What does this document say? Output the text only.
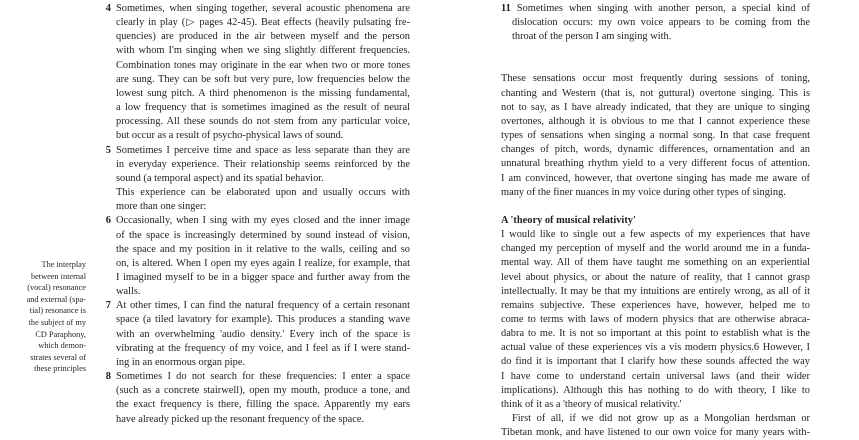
The interplay
between internal
(vocal) resonance
and external (spa-
tial) resonance is
the subject of my
CD Paraphony,
which demon-
strates several of
these principles
4 Sometimes, when singing together, several acoustic phenomena are
clearly in play (▷ pages 42-45). Beat effects (heavily pulsating fre-
quencies) are produced in the air between myself and the person
with whom I'm singing when we sing slightly different frequencies.
Combination tones may originate in the ear when two or more tones
are sung. They can be soft but very pure, low frequencies below the
lowest sung pitch. A third phenomenon is the missing fundamental,
a low frequency that is sometimes imagined as the result of neural
processing. All these sounds do not stem from any particular voice,
but occur as a result of psycho-physical laws of sound.
5 Sometimes I perceive time and space as less separate than they are
in everyday experience. Their relationship seems reinforced by the
sound (a temporal aspect) and its spatial behavior.
This experience can be elaborated upon and usually occurs with
more than one singer:
6 Occasionally, when I sing with my eyes closed and the inner image
of the space is increasingly determined by sound instead of vision,
the space and my position in it relative to the walls, ceiling and so
on, is altered. When I open my eyes again I realize, for example, that
I imagined myself to be in a bigger space and further away from the
walls.
7 At other times, I can find the natural frequency of a certain resonant
space (a tiled lavatory for example). This produces a standing wave
with an overwhelming 'audio density.' Every inch of the space is
vibrating at the frequency of my voice, and I feel as if I were stand-
ing in an enormous organ pipe.
8 Sometimes I do not search for these frequencies: I enter a space
(such as a concrete stairwell), open my mouth, produce a tone, and
the exact frequency is there, filling the space. Apparently my ears
have already picked up the resonant frequency of the space.
11 Sometimes when singing with another person, a special kind of
dislocation occurs: my own voice appears to be coming from the
throat of the person I am singing with.
These sensations occur most frequently during sessions of toning,
chanting and Western (that is, not guttural) overtone singing. This is
not to say, as I have already indicated, that they are unique to singing
overtones, although it is obvious to me that I cannot experience these
types of sensations when singing a normal song. In that case frequent
changes of pitch, words, dynamic differences, ornamentation and an
unnatural breathing rhythm yield to a very different focus of attention.
I am convinced, however, that overtone singing has made me aware of
many of the finer nuances in my voice during other types of singing.
A 'theory of musical relativity'
I would like to single out a few aspects of my experiences that have
changed my perception of myself and the world around me in a funda-
mental way. All of them have taught me something on an experiential
level about physics, or about the nature of reality, that I cannot grasp
intellectually. It may be that my intuitions are entirely wrong, as all of it
remains subjective. These experiences have, however, helped me to
come to terms with laws of modern physics that are otherwise abraca-
dabra to me. It is not so important at this point to establish what is the
actual value of these experiences vis a vis modern physics.6 However, I
do find it is important that I clarify how these sounds affected the way
I have come to understand certain universal laws (and their wider
implications). Although this has nothing to do with theory, I like to
think of it as a 'theory of musical relativity.'
First of all, if we did not grow up as a Mongolian herdsman or
Tibetan monk, and have listened to our own voice for many years with-
